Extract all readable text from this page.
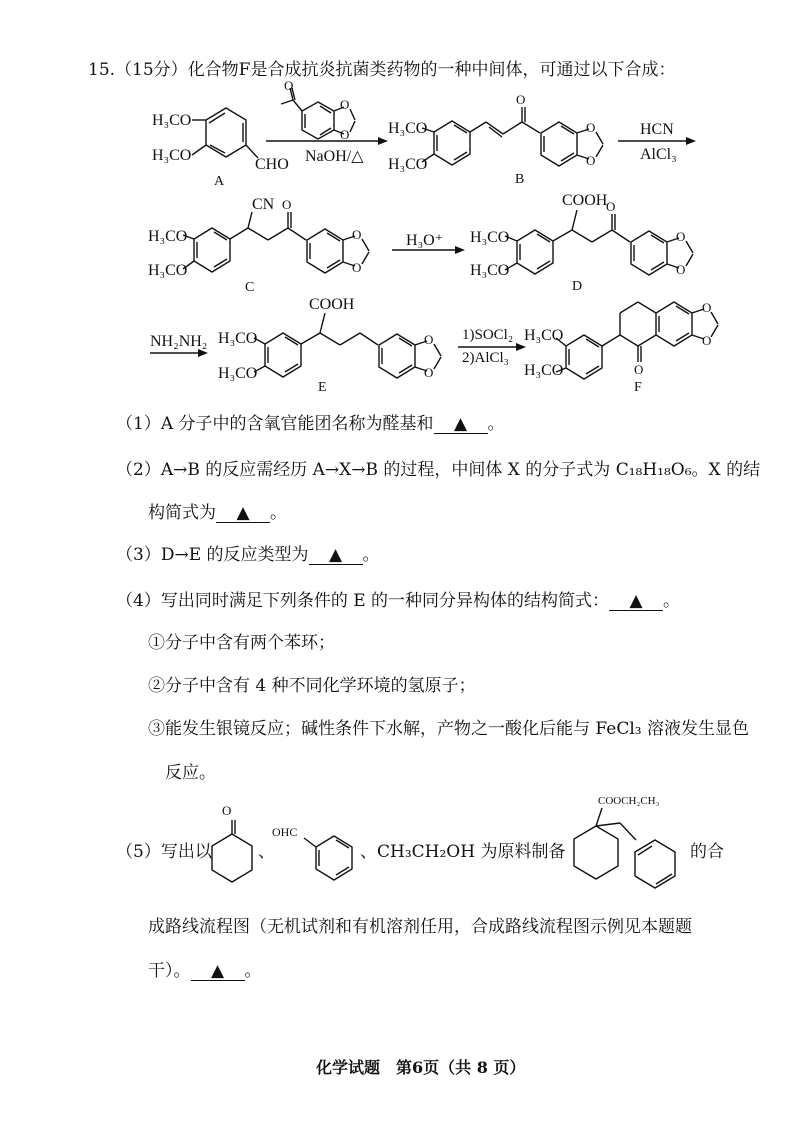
15.（15分）化合物F是合成抗炎抗菌类药物的一种中间体，可通过以下合成：
H₃CO
H₃CO
CHO
A
O
O
O
NaOH/△
H₃CO
H₃CO
O
O
O
B
HCN
AlCl₃
H₃CO
H₃CO
CN O
O
O
C
H₃O⁺ H₃CO
H₃CO
COOH
O
O
O
D
NH₂NH₂ H₃CO
H₃CO
COOH
O
O
E
1)SOCl₂
2)AlCl₃
H₃CO
H₃CO	O
O
O
F
（1）A 分子中的含氧官能团名称为醛基和 ▲ 。
（2）A→B 的反应需经历 A→X→B 的过程，中间体 X 的分子式为 C₁₈H₁₈O₆。X 的结
构简式为 ▲ 。
（3）D→E 的反应类型为 ▲ 。
（4）写出同时满足下列条件的 E 的一种同分异构体的结构简式： ▲ 。
①分子中含有两个苯环；
②分子中含有 4 种不同化学环境的氢原子；
③能发生银镜反应；碱性条件下水解，产物之一酸化后能与 FeCl₃ 溶液发生显色
反应。
（5）写出以
O
、
OHC
、CH₃CH₂OH 为原料制备
COOCH₂CH₃
的合
成路线流程图（无机试剂和有机溶剂任用，合成路线流程图示例见本题题
干）。 ▲ 。
化学试题　第6页（共 8 页）
